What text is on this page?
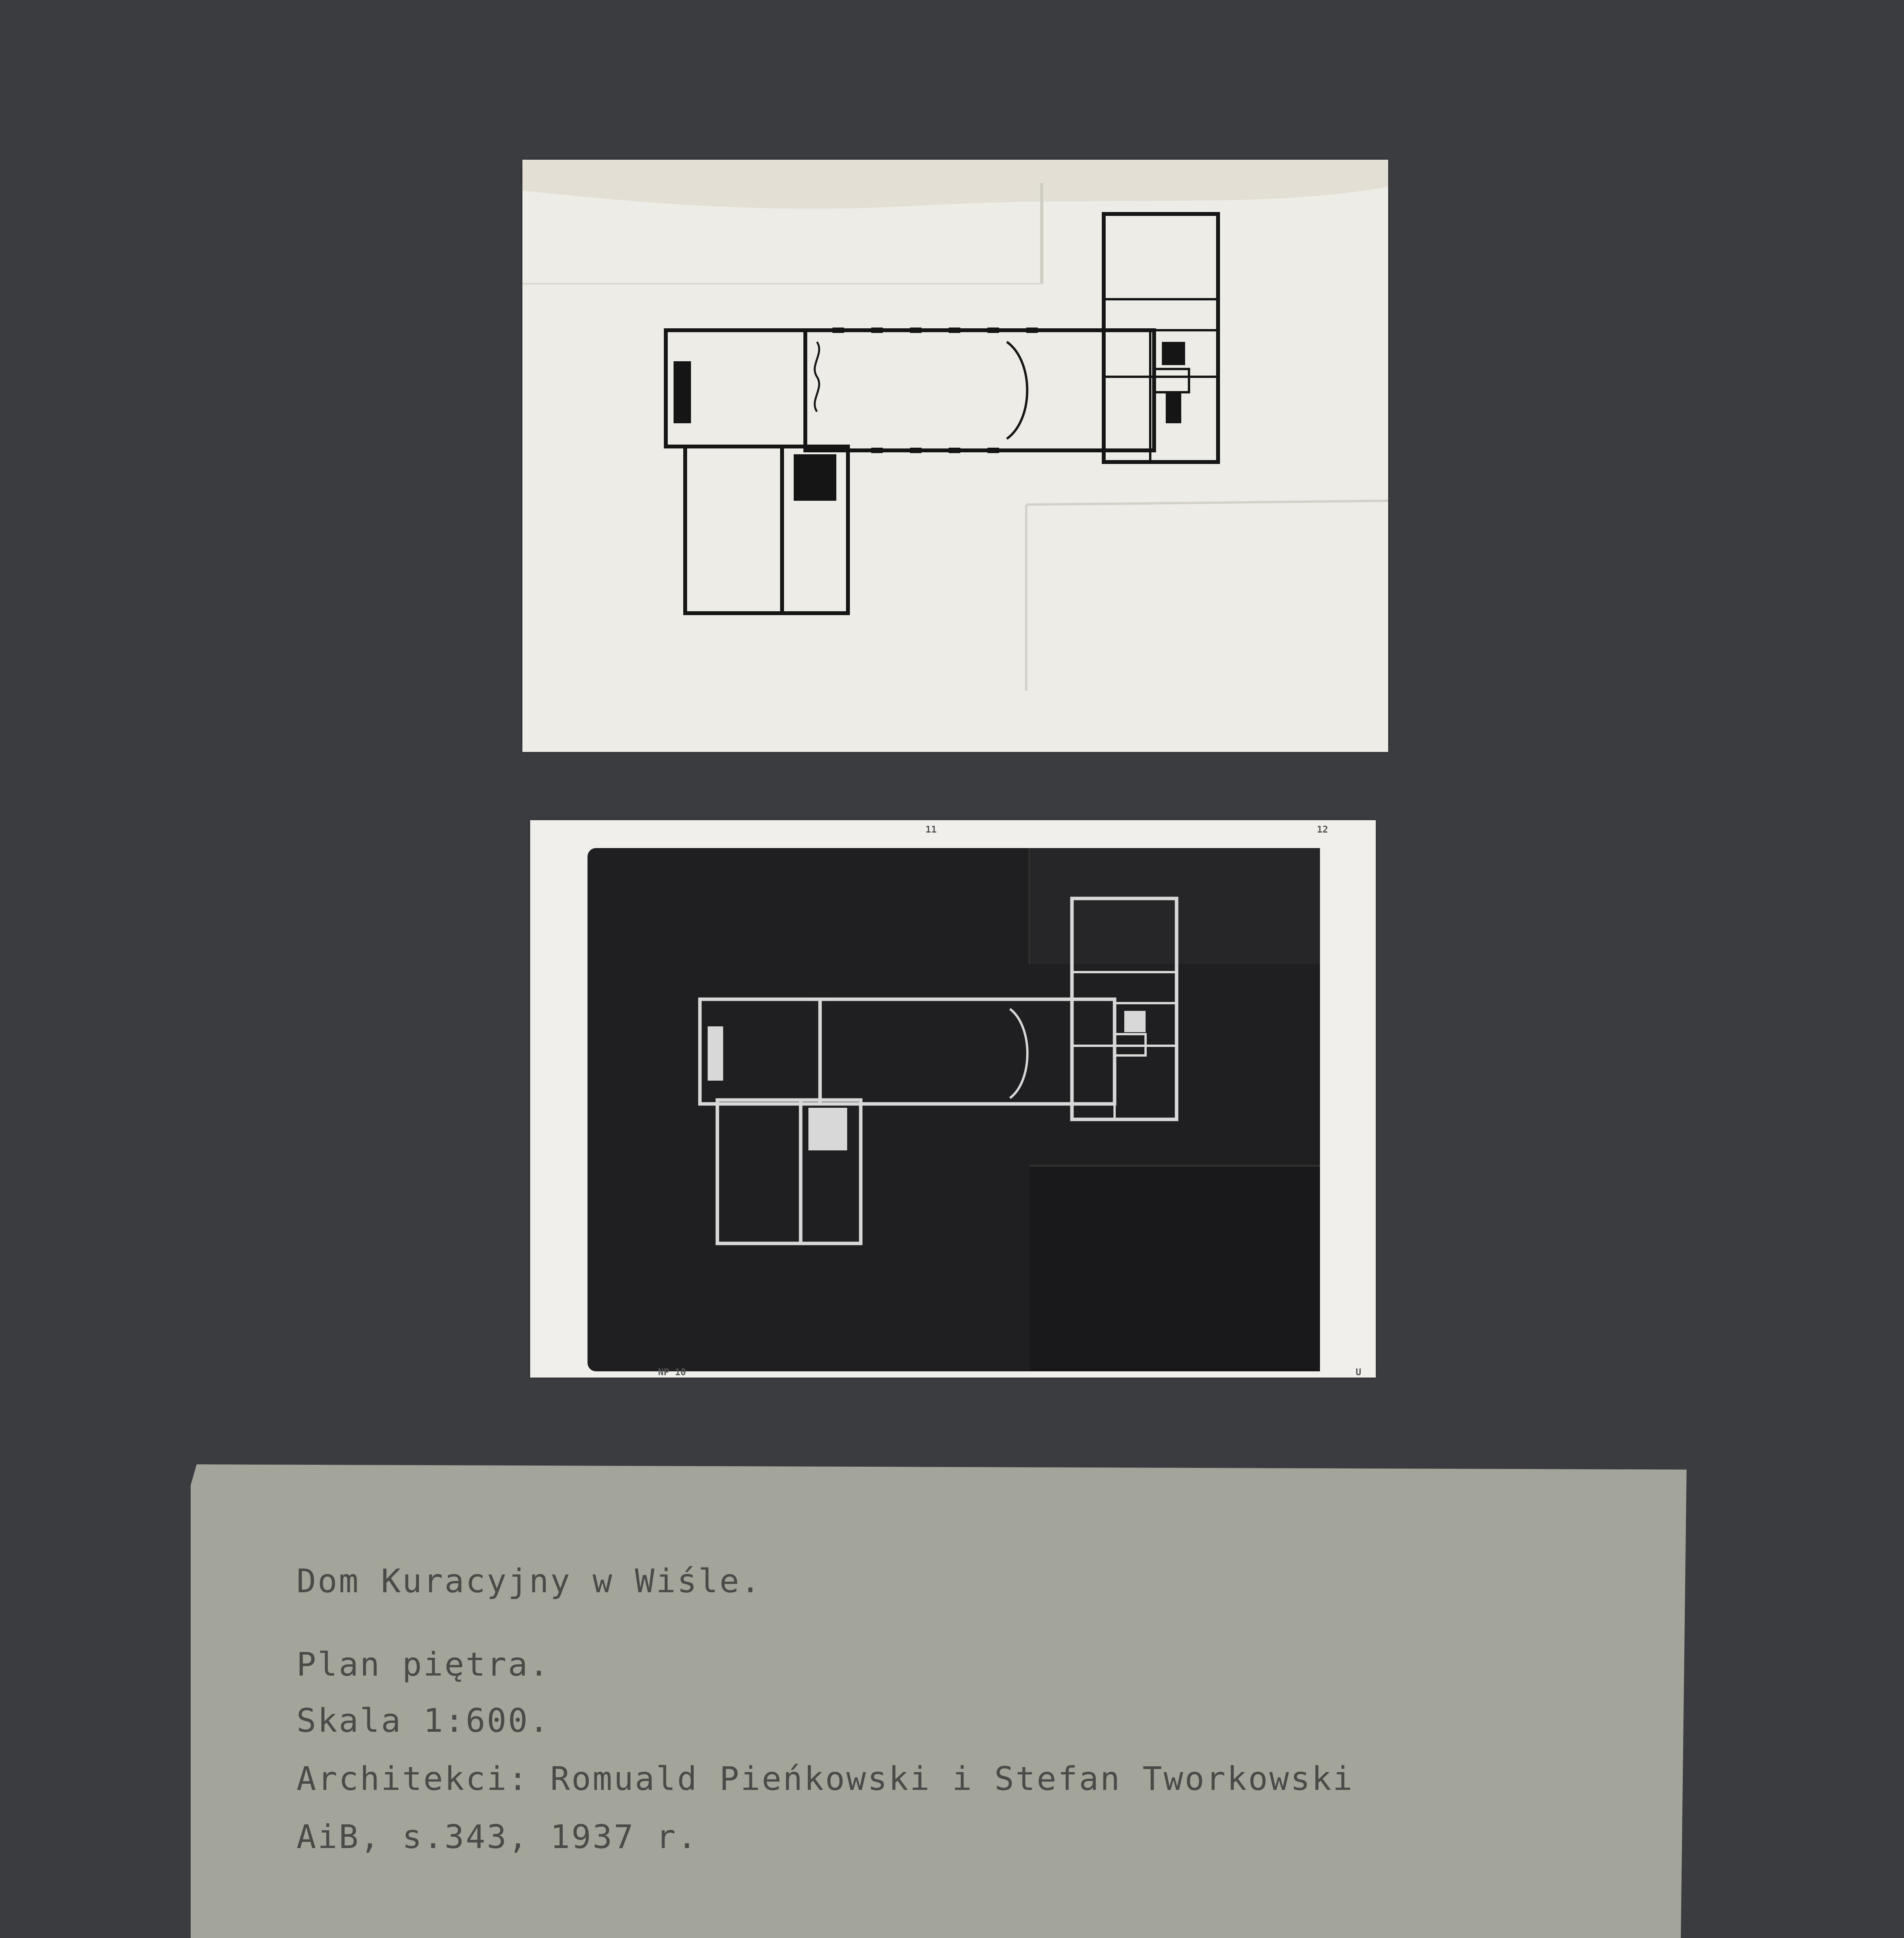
11	12
NP 10	U
Dom Kuracyjny w Wiśle.
Plan piętra.
Skala 1:600.
Architekci: Romuald Pieńkowski i Stefan Tworkowski
AiB, s.343, 1937 r.
